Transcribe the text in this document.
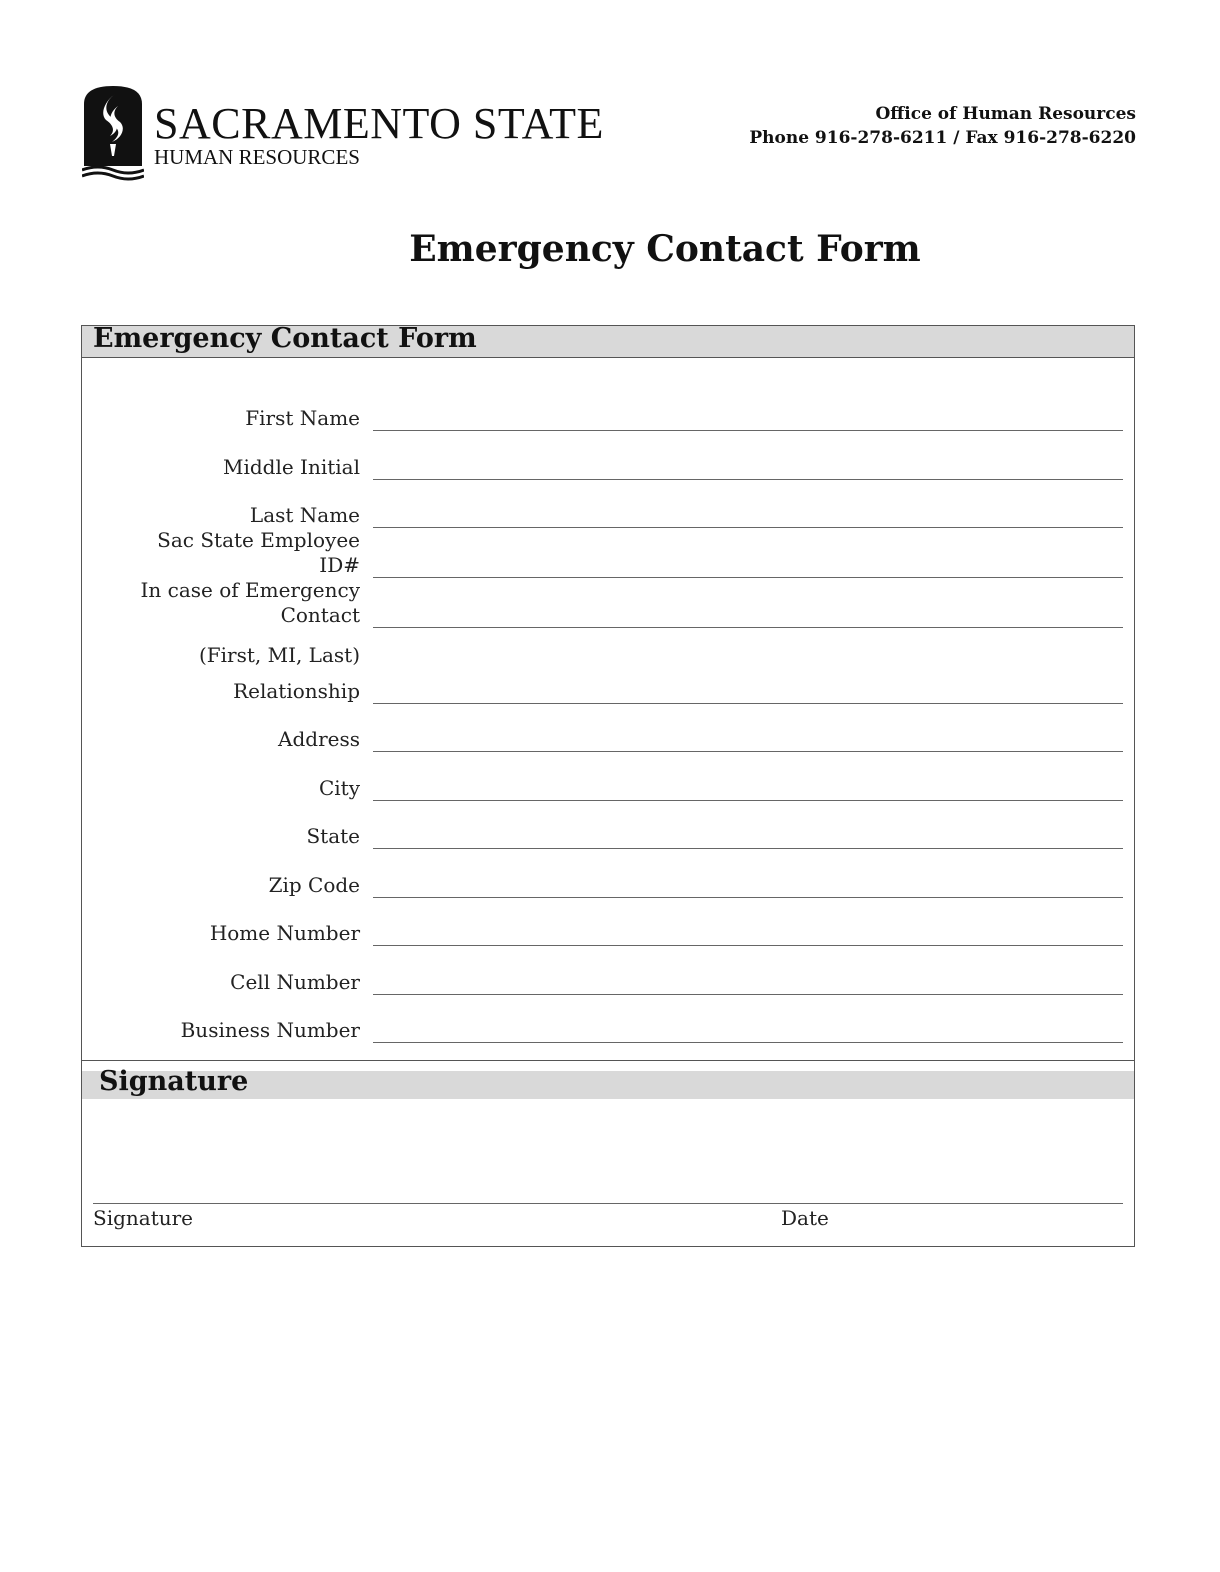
SACRAMENTO STATE
HUMAN RESOURCES
Office of Human Resources
Phone 916-278-6211 / Fax 916-278-6220
Emergency Contact Form
Emergency Contact Form
First Name
Middle Initial
Last Name
Sac State Employee
ID#
In case of Emergency
Contact
(First, MI, Last)
Relationship
Address
City
State
Zip Code
Home Number
Cell Number
Business Number
Signature
Signature	Date
